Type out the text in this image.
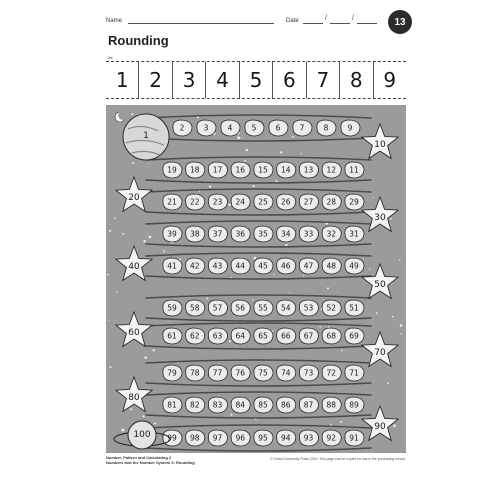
Name	Date	/	/	13
Rounding
✂
1	2	3	4	5	6	7	8	9
1
2	3	4	5	6	7	8	9
19 18 17 16 15 14 13 12 11
21 22 23 24 25 26 27 28 29
39 38 37 36 35 34 33 32 31
41 42 43 44 45 46 47 48 49
59 58 57 56 55 54 53 52 51
61 62 63 64 65 66 67 68 69
79 78 77 76 75 74 73 72 71
81 82 83 84 85 86 87 88 89
99 98 97 96 95 94 93 92 91
10
20
30
40
50
60
70
80
90
100
Number, Pattern and Calculating 2
Numbers and the Number System 3: Rounding
© Oxford University Press 2014. This page can be copied for use in the purchasing school.
